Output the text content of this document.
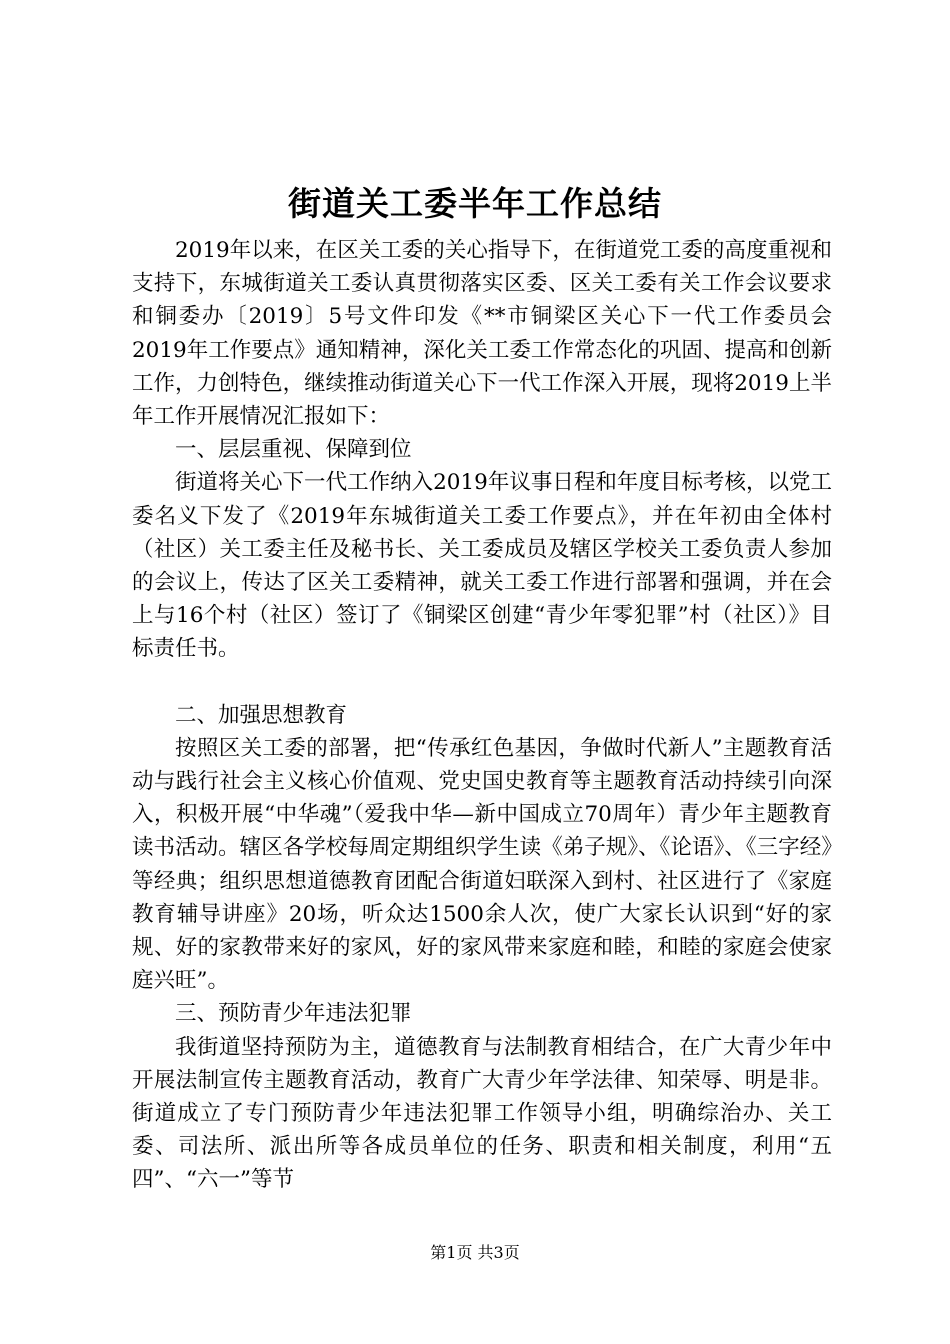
街道关工委半年工作总结

2019年以来，在区关工委的关心指导下，在街道党工委的高度重视和支持下，东城街道关工委认真贯彻落实区委、区关工委有关工作会议要求和铜委办〔2019〕5号文件印发《**市铜梁区关心下一代工作委员会2019年工作要点》通知精神，深化关工委工作常态化的巩固、提高和创新工作，力创特色，继续推动街道关心下一代工作深入开展，现将2019上半年工作开展情况汇报如下：

一、层层重视、保障到位

街道将关心下一代工作纳入2019年议事日程和年度目标考核，以党工委名义下发了《2019年东城街道关工委工作要点》，并在年初由全体村（社区）关工委主任及秘书长、关工委成员及辖区学校关工委负责人参加的会议上，传达了区关工委精神，就关工委工作进行部署和强调，并在会上与16个村（社区）签订了《铜梁区创建“青少年零犯罪”村（社区）》目标责任书。

二、加强思想教育

按照区关工委的部署，把“传承红色基因，争做时代新人”主题教育活动与践行社会主义核心价值观、党史国史教育等主题教育活动持续引向深入，积极开展“中华魂”（爱我中华—新中国成立70周年）青少年主题教育读书活动。辖区各学校每周定期组织学生读《弟子规》、《论语》、《三字经》等经典；组织思想道德教育团配合街道妇联深入到村、社区进行了《家庭教育辅导讲座》20场，听众达1500余人次，使广大家长认识到“好的家规、好的家教带来好的家风，好的家风带来家庭和睦，和睦的家庭会使家庭兴旺”。

三、预防青少年违法犯罪

我街道坚持预防为主，道德教育与法制教育相结合，在广大青少年中开展法制宣传主题教育活动，教育广大青少年学法律、知荣辱、明是非。街道成立了专门预防青少年违法犯罪工作领导小组，明确综治办、关工委、司法所、派出所等各成员单位的任务、职责和相关制度，利用“五四”、“六一”等节

第1页 共3页
